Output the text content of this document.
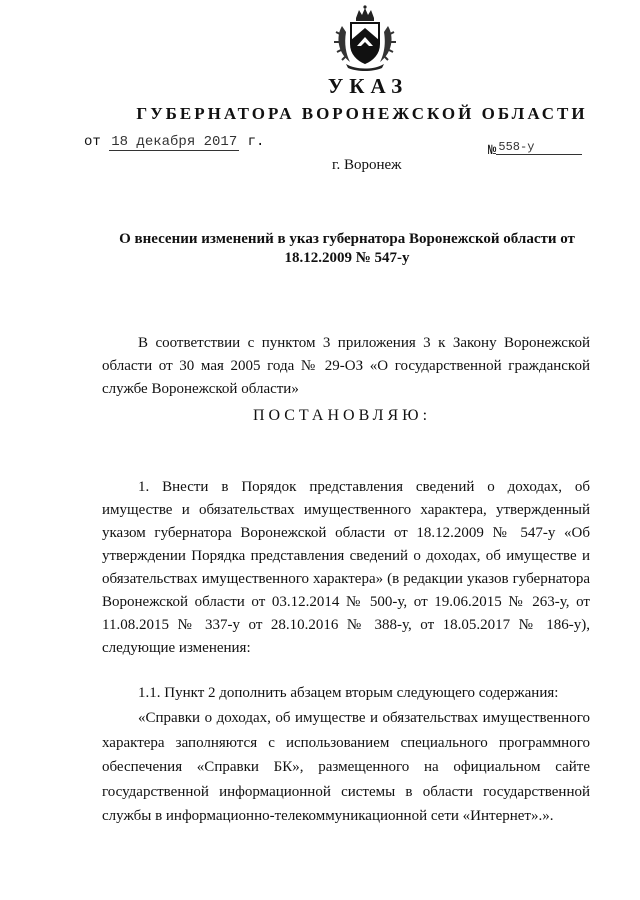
УКАЗ
ГУБЕРНАТОРА ВОРОНЕЖСКОЙ ОБЛАСТИ
от 18 декабря 2017 г.
№ 558-у
г. Воронеж
О внесении изменений в указ губернатора Воронежской области от 18.12.2009 № 547-у

В соответствии с пунктом 3 приложения 3 к Закону Воронежской области от 30 мая 2005 года № 29-ОЗ «О государственной гражданской службе Воронежской области»

ПОСТАНОВЛЯЮ:

1. Внести в Порядок представления сведений о доходах, об имуществе и обязательствах имущественного характера, утвержденный указом губернатора Воронежской области от 18.12.2009 № 547-у «Об утверждении Порядка представления сведений о доходах, об имуществе и обязательствах имущественного характера» (в редакции указов губернатора Воронежской области от 03.12.2014 № 500-у, от 19.06.2015 № 263-у, от 11.08.2015 № 337-у от 28.10.2016 № 388-у, от 18.05.2017 № 186-у), следующие изменения:

1.1. Пункт 2 дополнить абзацем вторым следующего содержания:

«Справки о доходах, об имуществе и обязательствах имущественного характера заполняются с использованием специального программного обеспечения «Справки БК», размещенного на официальном сайте государственной информационной системы в области государственной службы в информационно-телекоммуникационной сети «Интернет».».
